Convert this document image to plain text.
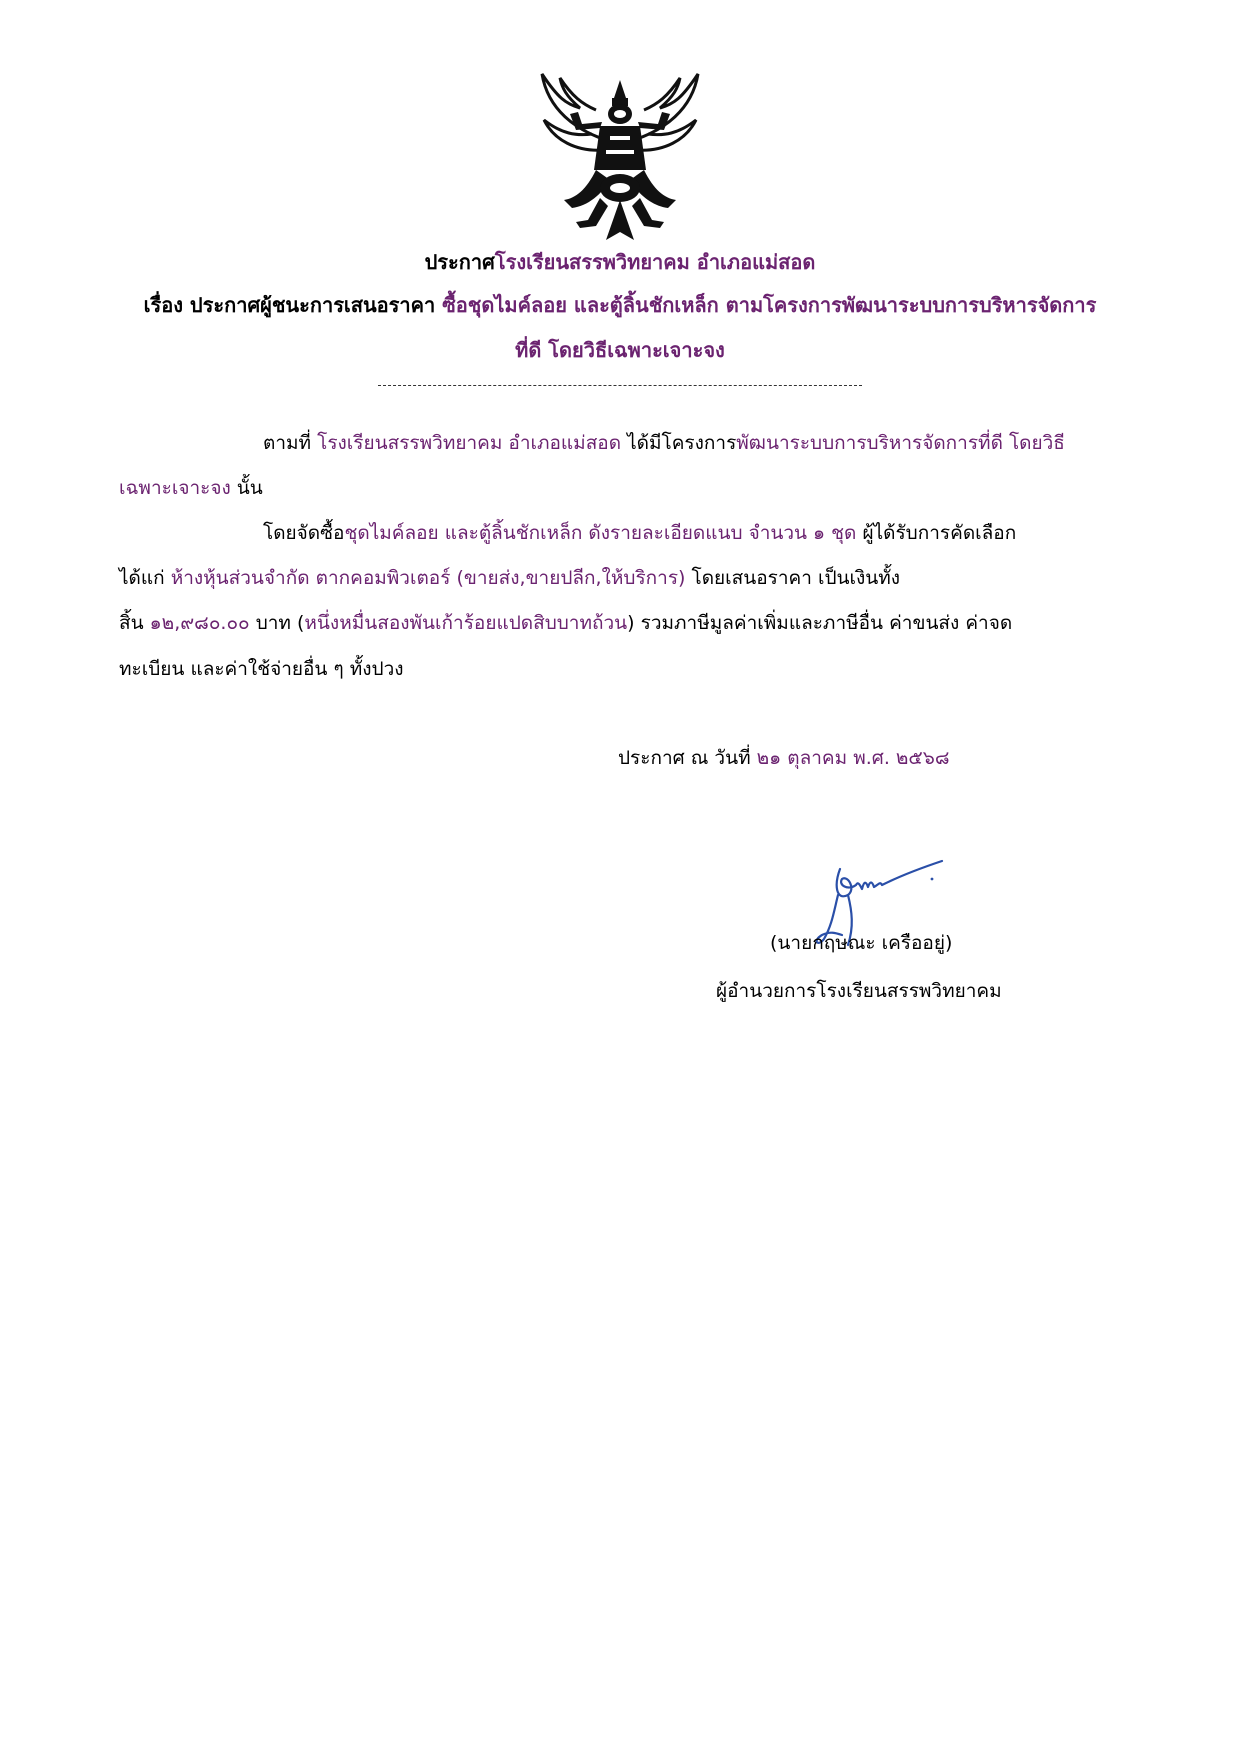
ประกาศโรงเรียนสรรพวิทยาคม อำเภอแม่สอด
เรื่อง ประกาศผู้ชนะการเสนอราคา ซื้อชุดไมค์ลอย และตู้ลิ้นชักเหล็ก ตามโครงการพัฒนาระบบการบริหารจัดการ
ที่ดี โดยวิธีเฉพาะเจาะจง
ตามที่ โรงเรียนสรรพวิทยาคม อำเภอแม่สอด ได้มีโครงการพัฒนาระบบการบริหารจัดการที่ดี โดยวิธี
เฉพาะเจาะจง นั้น
โดยจัดซื้อชุดไมค์ลอย และตู้ลิ้นชักเหล็ก ดังรายละเอียดแนบ จำนวน ๑ ชุด ผู้ได้รับการคัดเลือก
ได้แก่ ห้างหุ้นส่วนจำกัด ตากคอมพิวเตอร์ (ขายส่ง,ขายปลีก,ให้บริการ) โดยเสนอราคา เป็นเงินทั้ง
สิ้น ๑๒,๙๘๐.๐๐ บาท (หนึ่งหมื่นสองพันเก้าร้อยแปดสิบบาทถ้วน) รวมภาษีมูลค่าเพิ่มและภาษีอื่น ค่าขนส่ง ค่าจด
ทะเบียน และค่าใช้จ่ายอื่น ๆ ทั้งปวง
ประกาศ ณ วันที่ ๒๑ ตุลาคม พ.ศ. ๒๕๖๘
(นายกฤษณะ เครืออยู่)
ผู้อำนวยการโรงเรียนสรรพวิทยาคม
